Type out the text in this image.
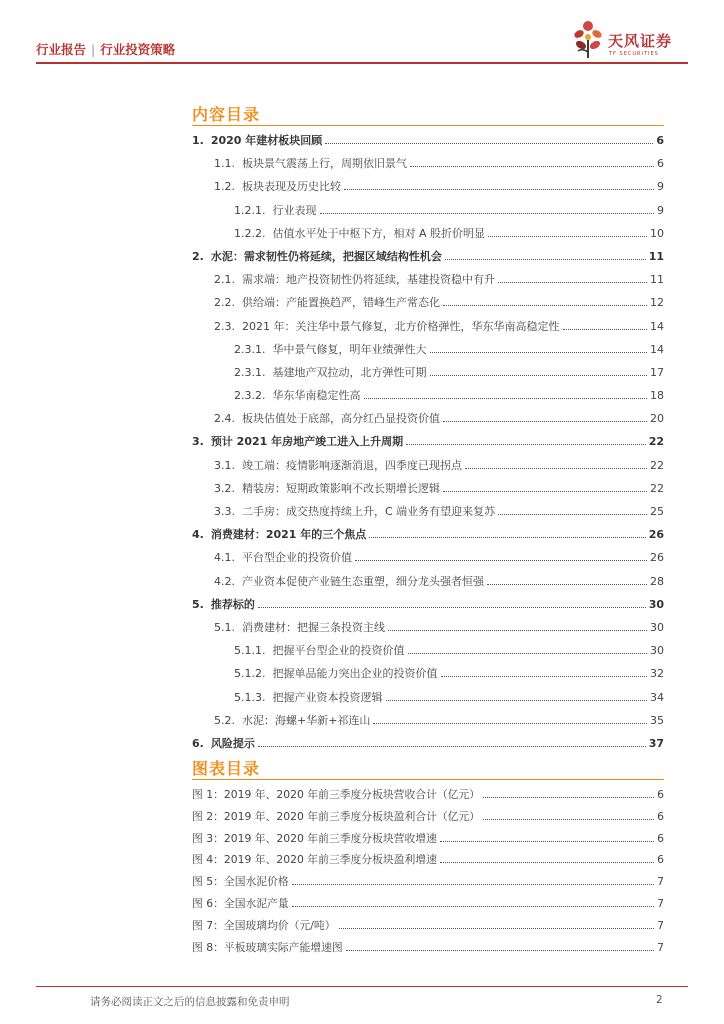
行业报告 | 行业投资策略	天风证券
TF SECURITIES
内容目录
1. 2020 年建材板块回顾	6
1.1. 板块景气震荡上行，周期依旧景气	6
1.2. 板块表现及历史比较	9
1.2.1. 行业表现	9
1.2.2. 估值水平处于中枢下方，相对 A 股折价明显	10
2. 水泥：需求韧性仍将延续，把握区域结构性机会	11
2.1. 需求端：地产投资韧性仍将延续，基建投资稳中有升	11
2.2. 供给端：产能置换趋严，错峰生产常态化	12
2.3. 2021 年：关注华中景气修复，北方价格弹性，华东华南高稳定性	14
2.3.1. 华中景气修复，明年业绩弹性大	14
2.3.1. 基建地产双拉动，北方弹性可期	17
2.3.2. 华东华南稳定性高	18
2.4. 板块估值处于底部，高分红凸显投资价值	20
3. 预计 2021 年房地产竣工进入上升周期	22
3.1. 竣工端：疫情影响逐渐消退，四季度已现拐点	22
3.2. 精装房：短期政策影响不改长期增长逻辑	22
3.3. 二手房：成交热度持续上升，C 端业务有望迎来复苏	25
4. 消费建材：2021 年的三个焦点	26
4.1. 平台型企业的投资价值	26
4.2. 产业资本促使产业链生态重塑，细分龙头强者恒强	28
5. 推荐标的	30
5.1. 消费建材：把握三条投资主线	30
5.1.1. 把握平台型企业的投资价值	30
5.1.2. 把握单品能力突出企业的投资价值	32
5.1.3. 把握产业资本投资逻辑	34
5.2. 水泥：海螺+华新+祁连山	35
6. 风险提示	37
图表目录
图 1：2019 年、2020 年前三季度分板块营收合计（亿元）	6
图 2：2019 年、2020 年前三季度分板块盈利合计（亿元）	6
图 3：2019 年、2020 年前三季度分板块营收增速	6
图 4：2019 年、2020 年前三季度分板块盈利增速	6
图 5：全国水泥价格	7
图 6：全国水泥产量	7
图 7：全国玻璃均价（元/吨）	7
图 8：平板玻璃实际产能增速图	7
请务必阅读正文之后的信息披露和免责申明	2
